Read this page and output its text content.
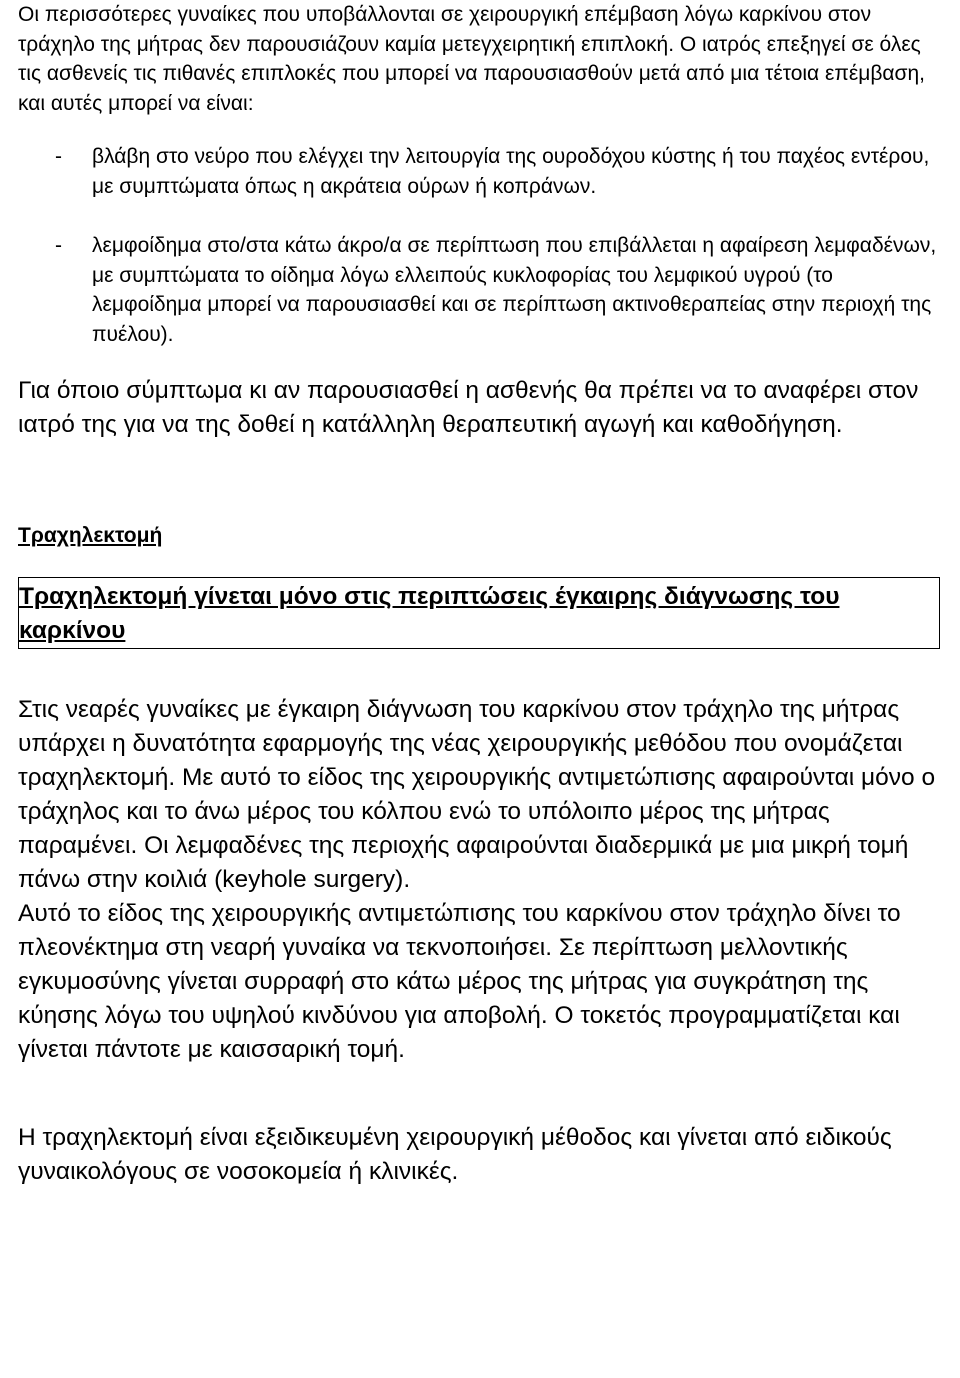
Οι περισσότερες γυναίκες που υποβάλλονται σε χειρουργική επέμβαση λόγω καρκίνου στον τράχηλο της μήτρας δεν παρουσιάζουν καμία μετεγχειρητική επιπλοκή. Ο ιατρός επεξηγεί σε όλες τις ασθενείς τις πιθανές επιπλοκές που μπορεί να παρουσιασθούν μετά από μια τέτοια επέμβαση, και αυτές μπορεί να είναι:

- βλάβη στο νεύρο που ελέγχει την λειτουργία της ουροδόχου κύστης ή του παχέος εντέρου, με συμπτώματα όπως η ακράτεια ούρων ή κοπράνων.
- λεμφοίδημα στο/στα κάτω άκρο/α σε περίπτωση που επιβάλλεται η αφαίρεση λεμφαδένων, με συμπτώματα το οίδημα λόγω ελλειπούς κυκλοφορίας του λεμφικού υγρού (το λεμφοίδημα μπορεί να παρουσιασθεί και σε περίπτωση ακτινοθεραπείας στην περιοχή της πυέλου).

Για όποιο σύμπτωμα κι αν παρουσιασθεί η ασθενής θα πρέπει να το αναφέρει στον ιατρό της για να της δοθεί η κατάλληλη θεραπευτική αγωγή και καθοδήγηση.

Τραχηλεκτομή

Τραχηλεκτομή γίνεται μόνο στις περιπτώσεις έγκαιρης διάγνωσης του καρκίνου

Στις νεαρές γυναίκες με έγκαιρη διάγνωση του καρκίνου στον τράχηλο της μήτρας υπάρχει η δυνατότητα εφαρμογής της νέας χειρουργικής μεθόδου που ονομάζεται τραχηλεκτομή. Με αυτό το είδος της χειρουργικής αντιμετώπισης αφαιρούνται μόνο ο τράχηλος και το άνω μέρος του κόλπου ενώ το υπόλοιπο μέρος της μήτρας παραμένει. Οι λεμφαδένες της περιοχής αφαιρούνται διαδερμικά με μια μικρή τομή πάνω στην κοιλιά (keyhole surgery).

Αυτό το είδος της χειρουργικής αντιμετώπισης του καρκίνου στον τράχηλο δίνει το πλεονέκτημα στη νεαρή γυναίκα να τεκνοποιήσει. Σε περίπτωση μελλοντικής εγκυμοσύνης γίνεται συρραφή στο κάτω μέρος της μήτρας για συγκράτηση της κύησης λόγω του υψηλού κινδύνου για αποβολή. Ο τοκετός προγραμματίζεται και γίνεται πάντοτε με καισσαρική τομή.

Η τραχηλεκτομή είναι εξειδικευμένη χειρουργική μέθοδος και γίνεται από ειδικούς γυναικολόγους σε νοσοκομεία ή κλινικές.
